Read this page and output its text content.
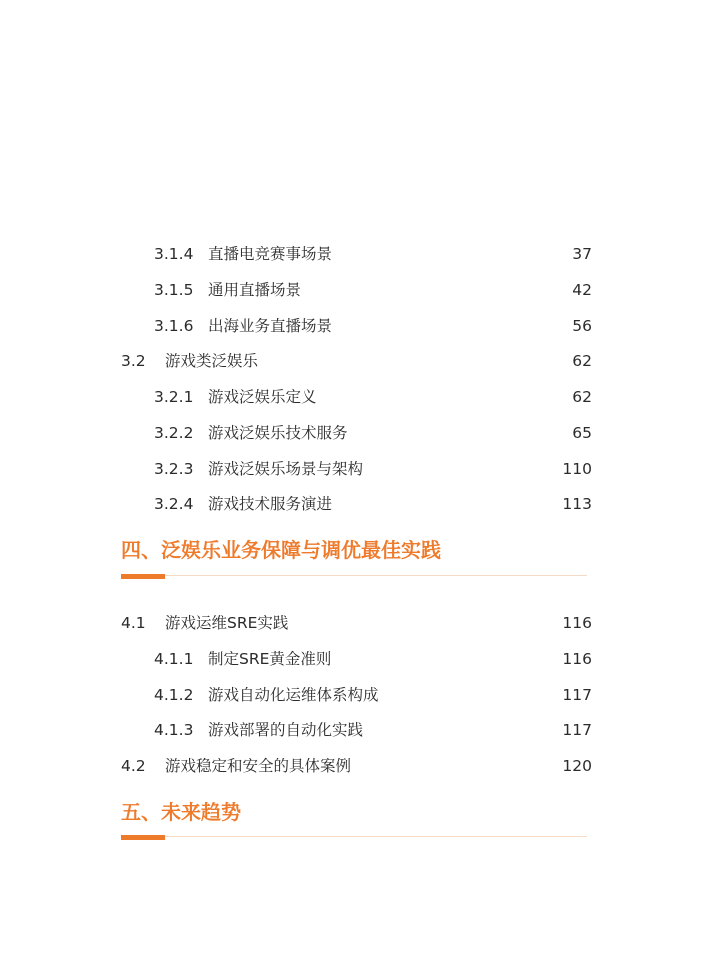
3.1.4 直播电竞赛事场景	37
3.1.5 通用直播场景	42
3.1.6 出海业务直播场景	56
3.2 游戏类泛娱乐	62
3.2.1 游戏泛娱乐定义	62
3.2.2 游戏泛娱乐技术服务	65
3.2.3 游戏泛娱乐场景与架构	110
3.2.4 游戏技术服务演进	113
四、泛娱乐业务保障与调优最佳实践
4.1 游戏运维SRE实践	116
4.1.1 制定SRE黄金准则	116
4.1.2 游戏自动化运维体系构成	117
4.1.3 游戏部署的自动化实践	117
4.2 游戏稳定和安全的具体案例	120
五、未来趋势
